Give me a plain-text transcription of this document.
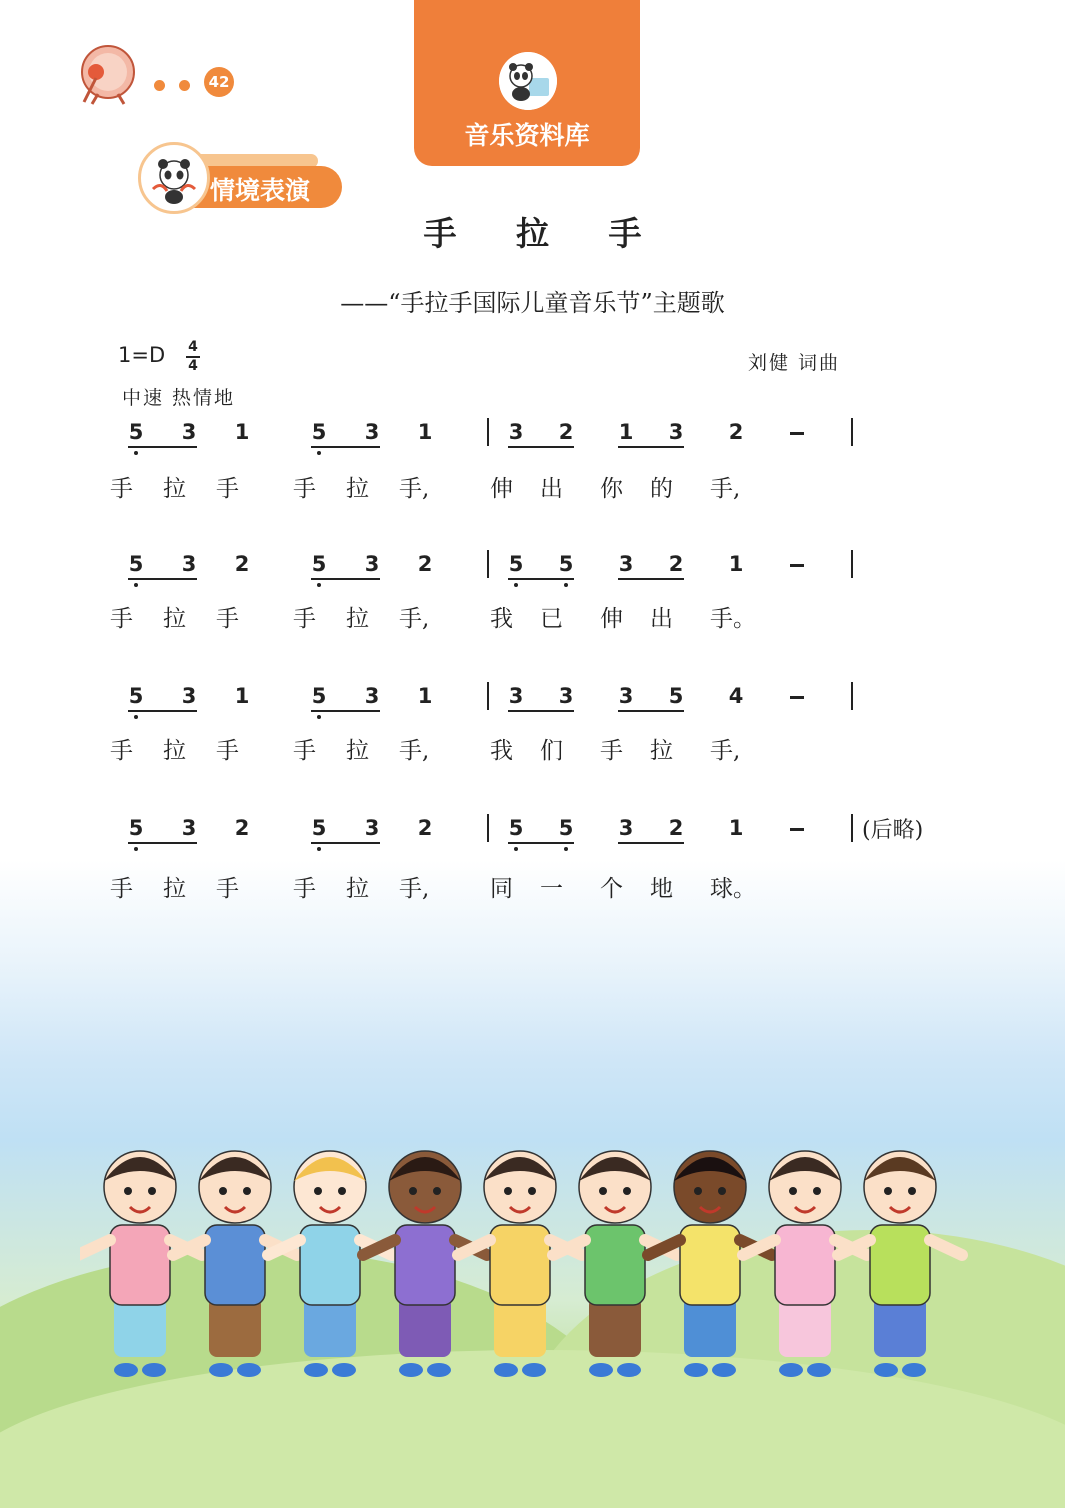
42
音乐资料库
情境表演
手 拉 手
——“手拉手国际儿童音乐节”主题歌
1=D 4
4	刘健 词曲
中速 热情地
5 3 1	5 3 1	3 2 1 3 2
手	拉	手	手	拉	手,	伸	出	你	的	手,
5 3 2	5 3 2	5 5 3 2 1
手	拉	手	手	拉	手,	我	已	伸	出	手。
5 3 1	5 3 1	3 3 3 5 4
手	拉	手	手	拉	手,	我	们	手	拉	手,
5 3 2	5 3 2	5 5 3 2 1
手	拉	手	手	拉	手,	同	一	个	地	球。
(后略)
